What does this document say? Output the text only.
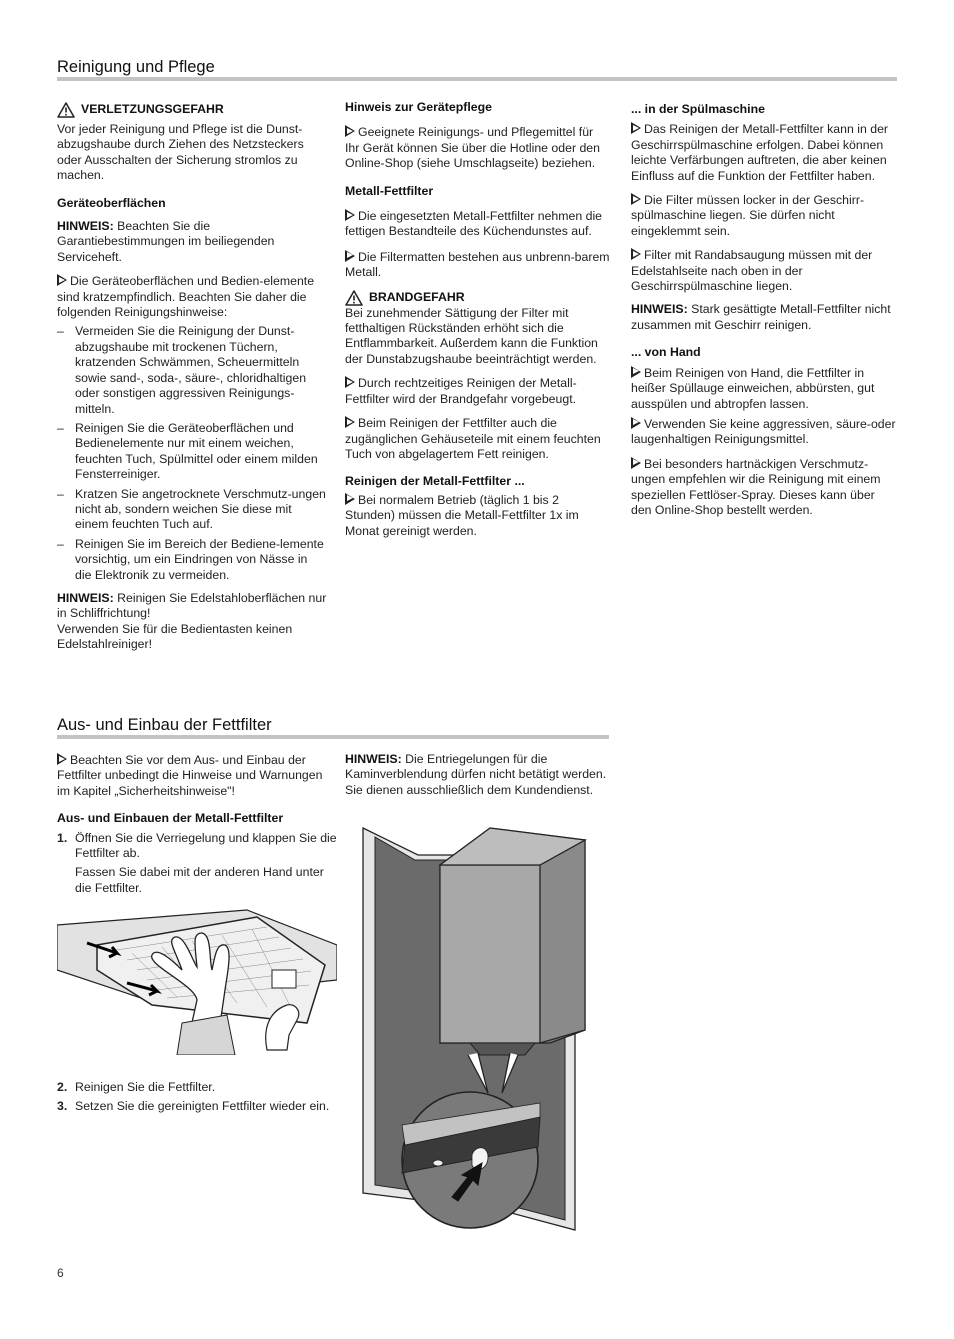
Reinigung und Pflege
VERLETZUNGSGEFAHR

Vor jeder Reinigung und Pflege ist die Dunst-abzugshaube durch Ziehen des Netzsteckers oder Ausschalten der Sicherung stromlos zu machen.

Geräteoberflächen

HINWEIS: Beachten Sie die Garantiebestimmungen im beiliegenden Serviceheft.

Die Geräteoberflächen und Bedien-elemente sind kratzempfindlich. Beachten Sie daher die folgenden Reinigungshinweise:

– Vermeiden Sie die Reinigung der Dunst-abzugshaube mit trockenen Tüchern, kratzenden Schwämmen, Scheuermitteln sowie sand-, soda-, säure-, chloridhaltigen oder sonstigen aggressiven Reinigungs-mitteln.
– Reinigen Sie die Geräteoberflächen und Bedienelemente nur mit einem weichen, feuchten Tuch, Spülmittel oder einem milden Fensterreiniger.
– Kratzen Sie angetrocknete Verschmutz-ungen nicht ab, sondern weichen Sie diese mit einem feuchten Tuch auf.
– Reinigen Sie im Bereich der Bediene-lemente vorsichtig, um ein Eindringen von Nässe in die Elektronik zu vermeiden.

HINWEIS: Reinigen Sie Edelstahloberflächen nur in Schliffrichtung!

Verwenden Sie für die Bedientasten keinen Edelstahlreiniger!

Hinweis zur Gerätepflege

Geeignete Reinigungs- und Pflegemittel für Ihr Gerät können Sie über die Hotline oder den Online-Shop (siehe Umschlagseite) beziehen.

Metall-Fettfilter

Die eingesetzten Metall-Fettfilter nehmen die fettigen Bestandteile des Küchendunstes auf.

Die Filtermatten bestehen aus unbrenn-barem Metall.

BRANDGEFAHR

Bei zunehmender Sättigung der Filter mit fetthaltigen Rückständen erhöht sich die Entflammbarkeit. Außerdem kann die Funktion der Dunstabzugshaube beeinträchtigt werden.

Durch rechtzeitiges Reinigen der Metall-Fettfilter wird der Brandgefahr vorgebeugt.

Beim Reinigen der Fettfilter auch die zugänglichen Gehäuseteile mit einem feuchten Tuch von abgelagertem Fett reinigen.

Reinigen der Metall-Fettfilter ...

Bei normalem Betrieb (täglich 1 bis 2 Stunden) müssen die Metall-Fettfilter 1x im Monat gereinigt werden.

... in der Spülmaschine

Das Reinigen der Metall-Fettfilter kann in der Geschirrspülmaschine erfolgen. Dabei können leichte Verfärbungen auftreten, die aber keinen Einfluss auf die Funktion der Fettfilter haben.

Die Filter müssen locker in der Geschirr-spülmaschine liegen. Sie dürfen nicht eingeklemmt sein.

Filter mit Randabsaugung müssen mit der Edelstahlseite nach oben in der Geschirrspülmaschine liegen.

HINWEIS: Stark gesättigte Metall-Fettfilter nicht zusammen mit Geschirr reinigen.

... von Hand

Beim Reinigen von Hand, die Fettfilter in heißer Spüllauge einweichen, abbürsten, gut ausspülen und abtropfen lassen.

Verwenden Sie keine aggressiven, säure-oder laugenhaltigen Reinigungsmittel.

Bei besonders hartnäckigen Verschmutz-ungen empfehlen wir die Reinigung mit einem speziellen Fettlöser-Spray. Dieses kann über den Online-Shop bestellt werden.

Aus- und Einbau der Fettfilter

Beachten Sie vor dem Aus- und Einbau der Fettfilter unbedingt die Hinweise und Warnungen im Kapitel „Sicherheitshinweise"!

Aus- und Einbauen der Metall-Fettfilter

1. Öffnen Sie die Verriegelung und klappen Sie die Fettfilter ab.
Fassen Sie dabei mit der anderen Hand unter die Fettfilter.
2. Reinigen Sie die Fettfilter.
3. Setzen Sie die gereinigten Fettfilter wieder ein.

HINWEIS: Die Entriegelungen für die Kaminverblendung dürfen nicht betätigt werden. Sie dienen ausschließlich dem Kundendienst.

6
